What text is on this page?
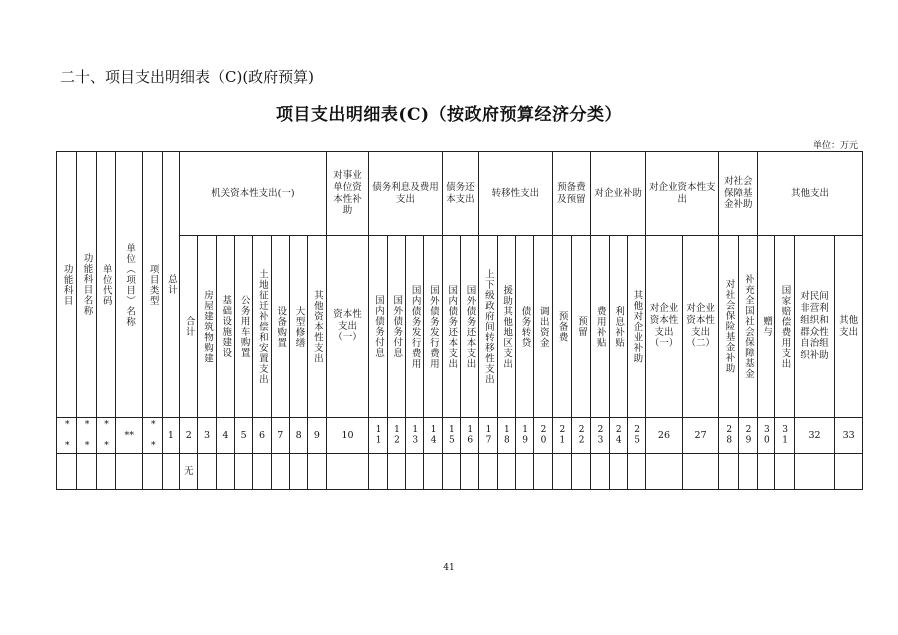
二十、项目支出明细表（C)(政府预算)
项目支出明细表(C)（按政府预算经济分类）
单位：万元
功能科目	功能科目名称	单位代码	单位（项目）名称	项目类型	总计	机关资本性支出(一)								对事业单位资本性补助	债务利息及费用支出				债务还本支出		转移性支出				预备费及预留		对企业补助			对企业资本性支出		对社会保障基金补助		其他支出			
						合计	房屋建筑物购建	基础设施建设	公务用车购置	土地征迁补偿和安置支出	设备购置	大型修缮	其他资本性支出	资本性支出（一）	国内债务付息	国外债务付息	国内债务发行费用	国外债务发行费用	国内债务还本支出	国外债务还本支出	上下级政府间转移性支出	援助其他地区支出	债务转贷	调出资金	预备费	预留	费用补贴	利息补贴	其他对企业补助	对企业资本性支出（一）	对企业资本性支出（二）	对社会保险基金补助	补充全国社会保障基金	赠与	国家赔偿费用支出	对民间非营利组织和群众性自治组织补助	其他支出
* *	* *	* *	**	* *	1	2	3	4	5	6	7	8	9	10	11	12	13	14	15	16	17	18	19	20	21	22	23	24	25	26	27	28	29	30	31	32	33
						无																															
41
